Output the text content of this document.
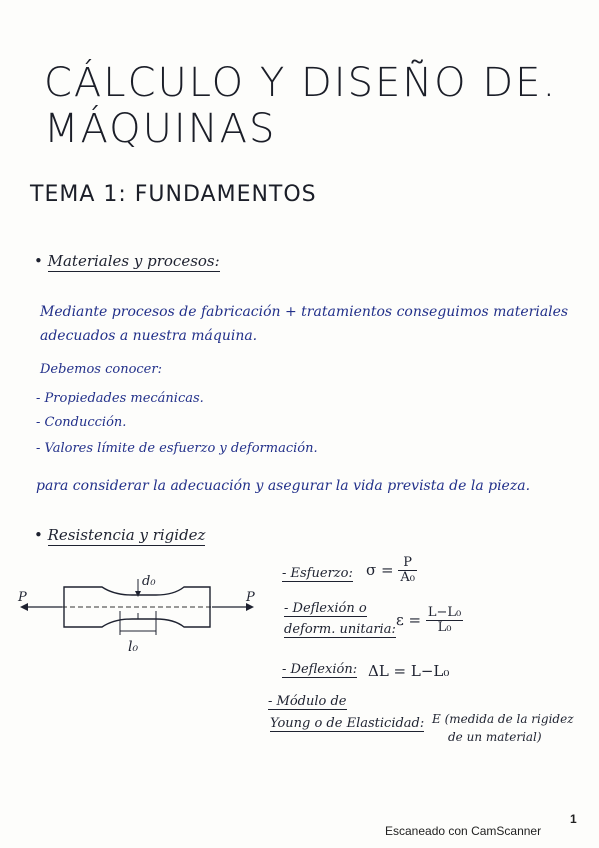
CÁLCULO Y DISEÑO DE. MÁQUINAS
TEMA 1: FUNDAMENTOS
• Materiales y procesos:
Mediante procesos de fabricación + tratamientos conseguimos materiales
adecuados a nuestra máquina.
Debemos conocer:
- Propiedades mecánicas.
- Conducción.
- Valores límite de esfuerzo y deformación.
para considerar la adecuación y asegurar la vida prevista de la pieza.
• Resistencia y rigidez
P	P
d₀
l₀
- Esfuerzo: $\sigma = \frac{P}{\text{A₀}}$
- Deflexión o
deform. unitaria:
$\varepsilon = \frac{\text{L−L₀}}{\text{L₀}}$
- Deflexión: ΔL = L−L₀
- Módulo de
Young o de Elasticidad: E (medida de la rigidez
de un material)
Escaneado con CamScanner
1
